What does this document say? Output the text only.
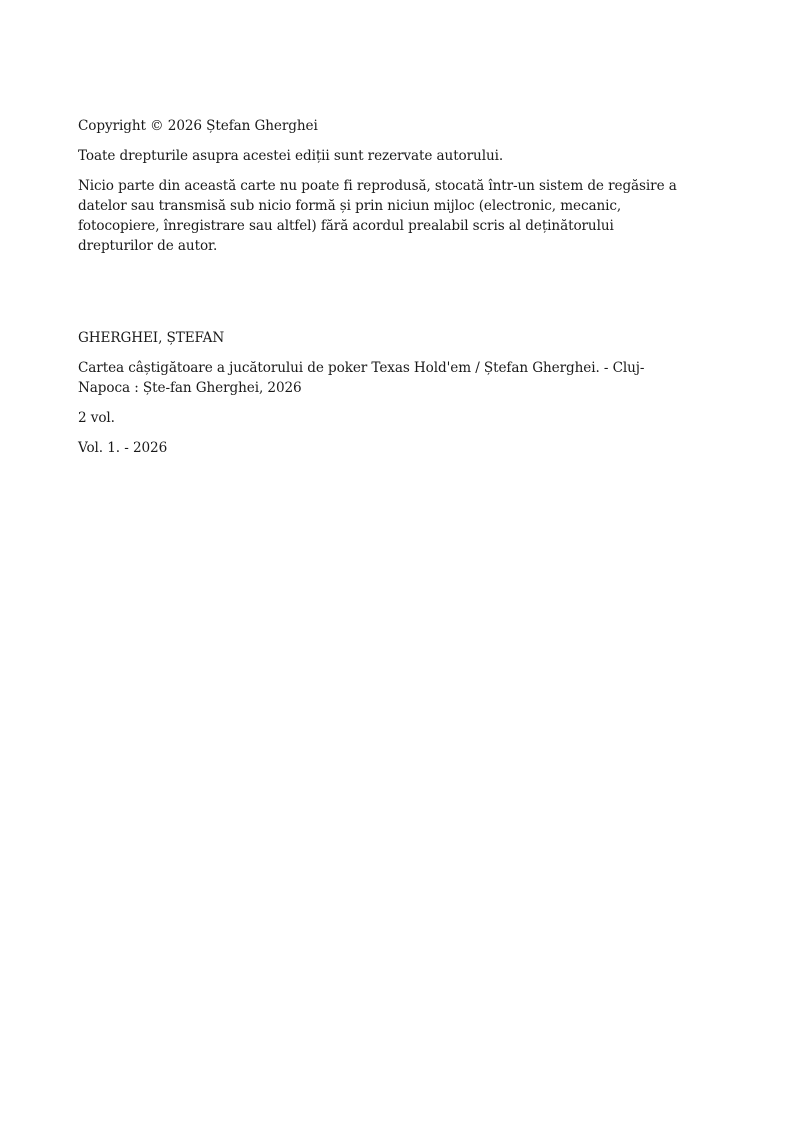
Copyright © 2026 Ștefan Gherghei

Toate drepturile asupra acestei ediții sunt rezervate autorului.

Nicio parte din această carte nu poate fi reprodusă, stocată într-un sistem de regăsire a datelor sau transmisă sub nicio formă și prin niciun mijloc (electronic, mecanic, fotocopiere, înregistrare sau altfel) fără acordul prealabil scris al deținătorului drepturilor de autor.

GHERGHEI, ȘTEFAN

Cartea câștigătoare a jucătorului de poker Texas Hold'em / Ștefan Gherghei. - Cluj-Napoca : Ște-fan Gherghei, 2026

2 vol.

Vol. 1. - 2026
